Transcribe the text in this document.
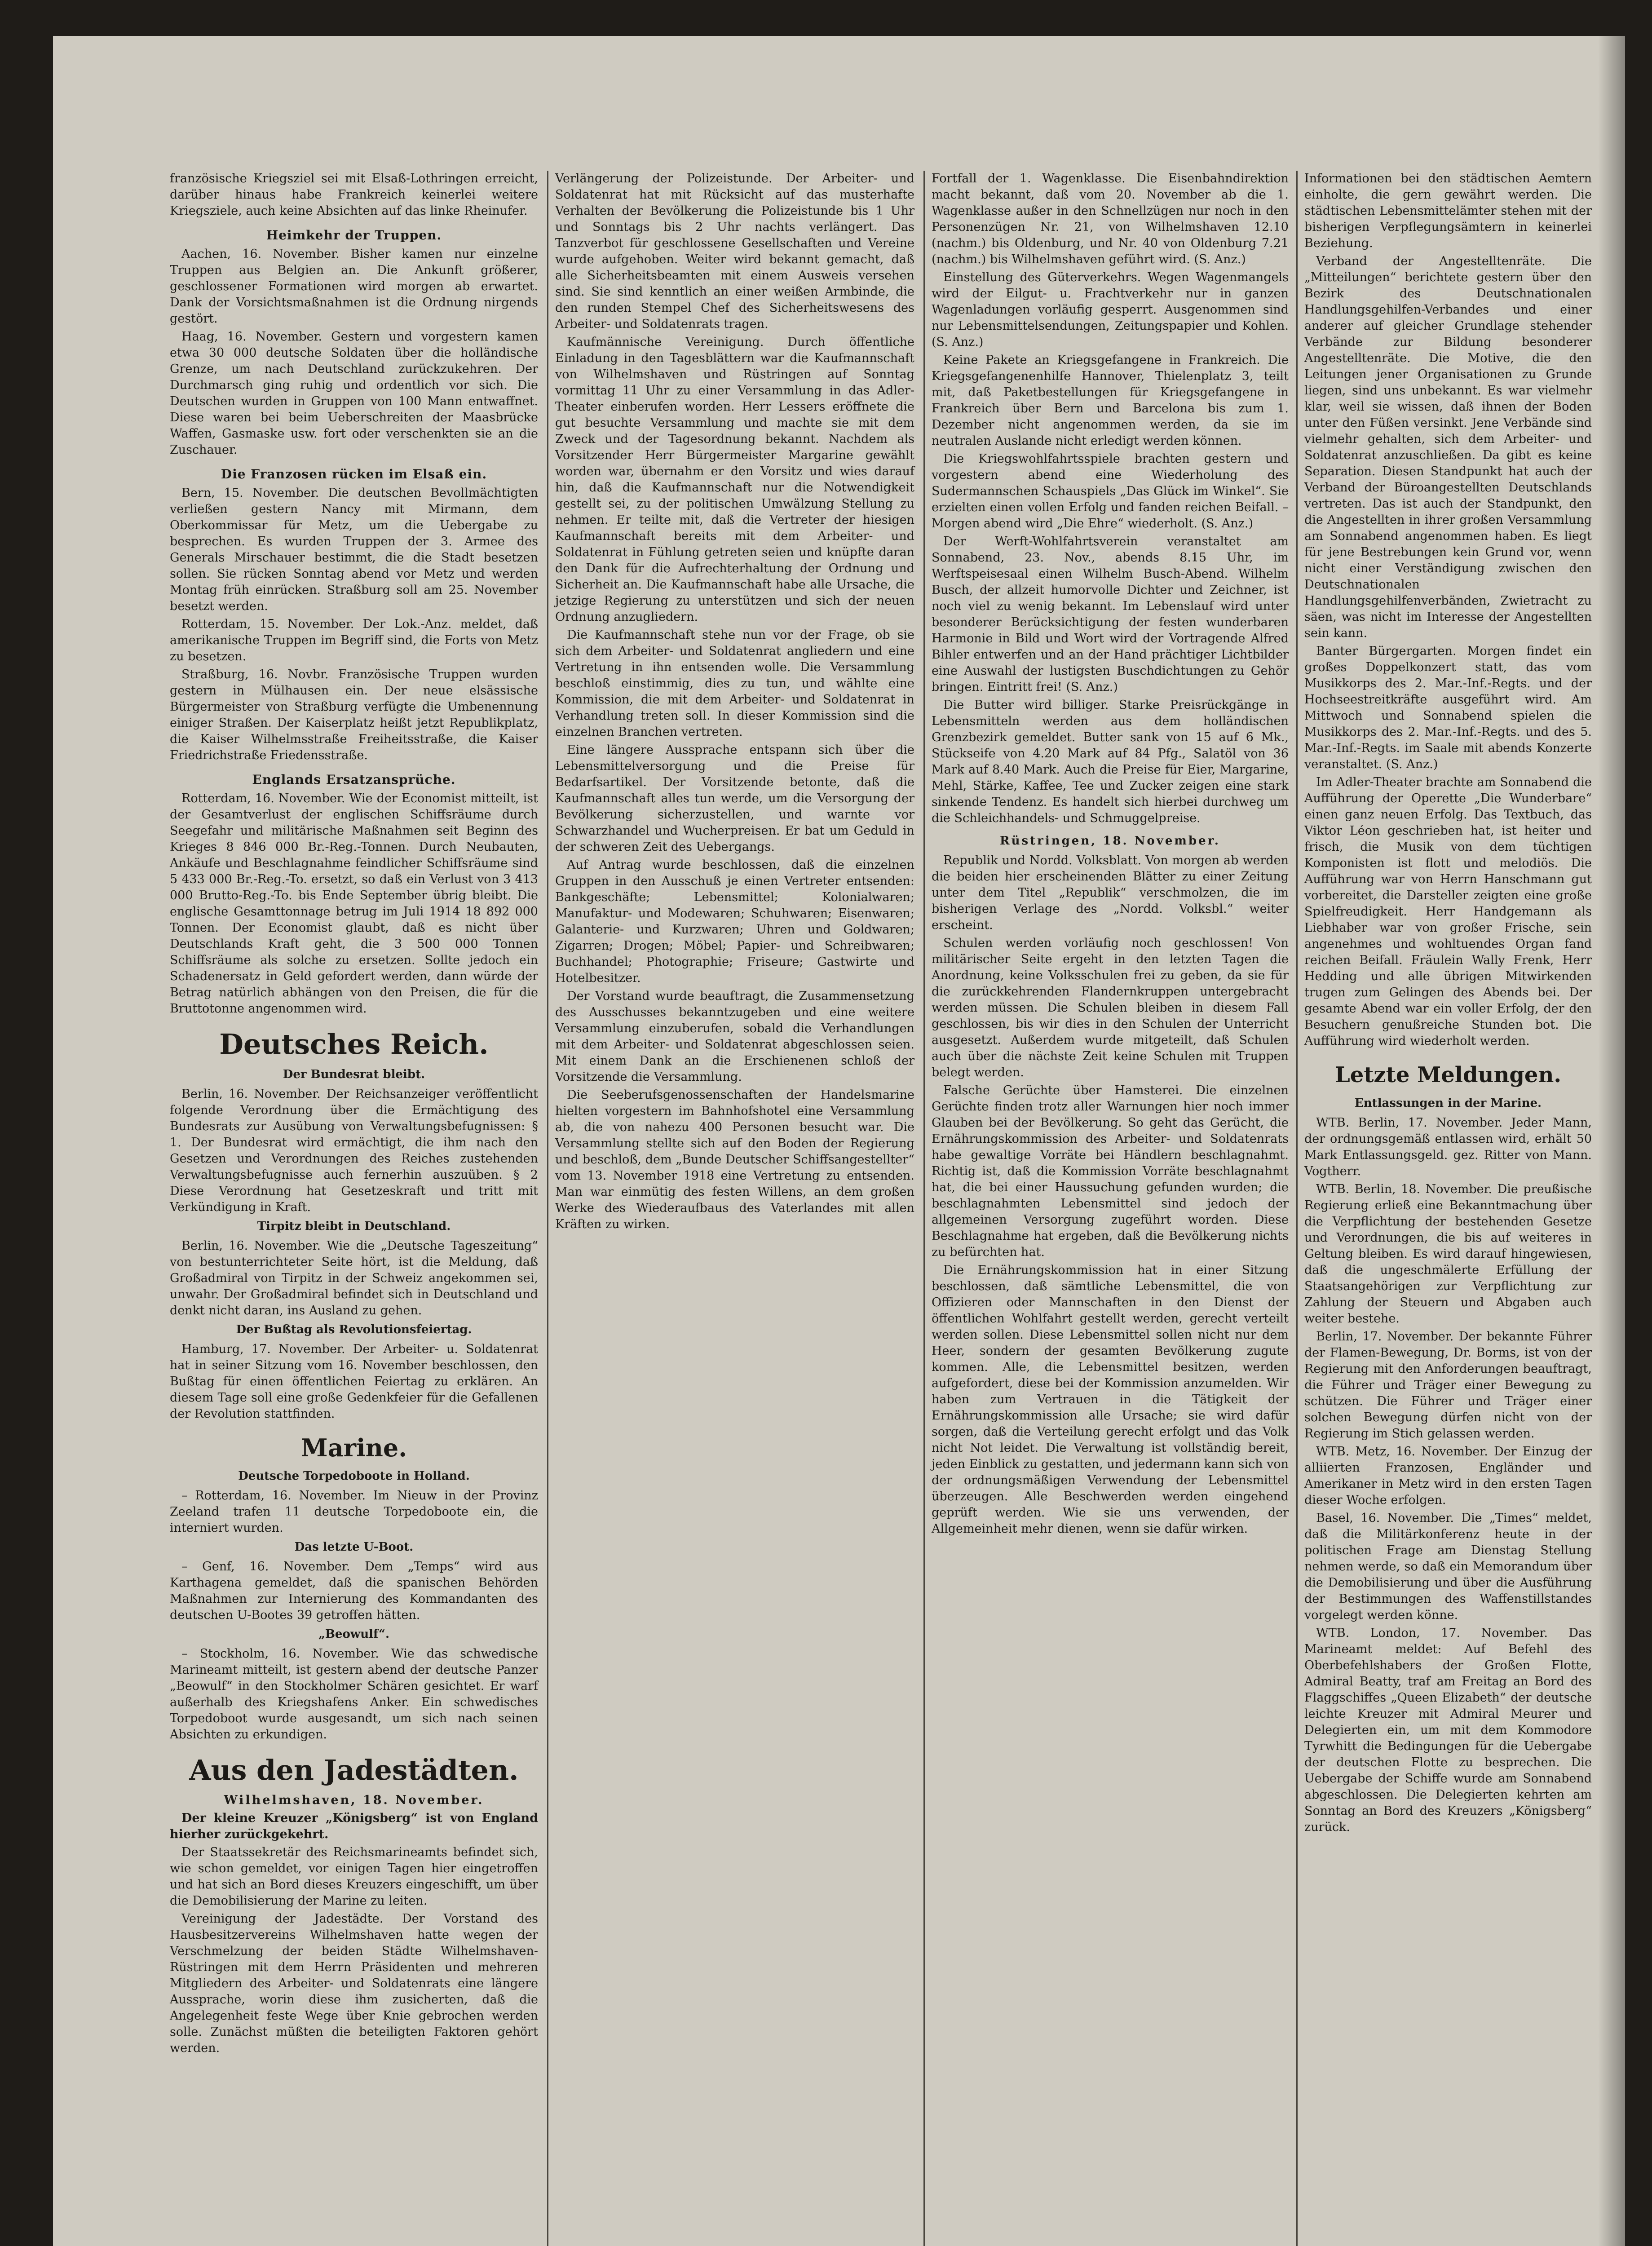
französische Kriegsziel sei mit Elsaß-Lothringen erreicht, darüber hinaus habe Frankreich keinerlei weitere Kriegsziele, auch keine Absichten auf das linke Rheinufer.

Heimkehr der Truppen.

Aachen, 16. November. Bisher kamen nur einzelne Truppen aus Belgien an. Die Ankunft größerer, geschlossener Formationen wird morgen ab erwartet. Dank der Vorsichtsmaßnahmen ist die Ordnung nirgends gestört.

Haag, 16. November. Gestern und vorgestern kamen etwa 30 000 deutsche Soldaten über die holländische Grenze, um nach Deutschland zurückzukehren. Der Durchmarsch ging ruhig und ordentlich vor sich. Die Deutschen wurden in Gruppen von 100 Mann entwaffnet. Diese waren bei beim Ueberschreiten der Maasbrücke Waffen, Gasmaske usw. fort oder verschenkten sie an die Zuschauer.

Die Franzosen rücken im Elsaß ein.

Bern, 15. November. Die deutschen Bevollmächtigten verließen gestern Nancy mit Mirmann, dem Oberkommissar für Metz, um die Uebergabe zu besprechen. Es wurden Truppen der 3. Armee des Generals Mirschauer bestimmt, die die Stadt besetzen sollen. Sie rücken Sonntag abend vor Metz und werden Montag früh einrücken. Straßburg soll am 25. November besetzt werden.

Rotterdam, 15. November. Der Lok.-Anz. meldet, daß amerikanische Truppen im Begriff sind, die Forts von Metz zu besetzen.

Straßburg, 16. Novbr. Französische Truppen wurden gestern in Mülhausen ein. Der neue elsässische Bürgermeister von Straßburg verfügte die Umbenennung einiger Straßen. Der Kaiserplatz heißt jetzt Republikplatz, die Kaiser Wilhelmsstraße Freiheitsstraße, die Kaiser Friedrichstraße Friedensstraße.

Englands Ersatzansprüche.

Rotterdam, 16. November. Wie der Economist mitteilt, ist der Gesamtverlust der englischen Schiffsräume durch Seegefahr und militärische Maßnahmen seit Beginn des Krieges 8 846 000 Br.-Reg.-Tonnen. Durch Neubauten, Ankäufe und Beschlagnahme feindlicher Schiffsräume sind 5 433 000 Br.-Reg.-To. ersetzt, so daß ein Verlust von 3 413 000 Brutto-Reg.-To. bis Ende September übrig bleibt. Die englische Gesamttonnage betrug im Juli 1914 18 892 000 Tonnen. Der Economist glaubt, daß es nicht über Deutschlands Kraft geht, die 3 500 000 Tonnen Schiffsräume als solche zu ersetzen. Sollte jedoch ein Schadenersatz in Geld gefordert werden, dann würde der Betrag natürlich abhängen von den Preisen, die für die Bruttotonne angenommen wird.

Deutsches Reich.
Der Bundesrat bleibt.

Berlin, 16. November. Der Reichsanzeiger veröffentlicht folgende Verordnung über die Ermächtigung des Bundesrats zur Ausübung von Verwaltungsbefugnissen: § 1. Der Bundesrat wird ermächtigt, die ihm nach den Gesetzen und Verordnungen des Reiches zustehenden Verwaltungsbefugnisse auch fernerhin auszuüben. § 2 Diese Verordnung hat Gesetzeskraft und tritt mit Verkündigung in Kraft.

Tirpitz bleibt in Deutschland.

Berlin, 16. November. Wie die „Deutsche Tageszeitung“ von bestunterrichteter Seite hört, ist die Meldung, daß Großadmiral von Tirpitz in der Schweiz angekommen sei, unwahr. Der Großadmiral befindet sich in Deutschland und denkt nicht daran, ins Ausland zu gehen.

Der Bußtag als Revolutionsfeiertag.

Hamburg, 17. November. Der Arbeiter- u. Soldatenrat hat in seiner Sitzung vom 16. November beschlossen, den Bußtag für einen öffentlichen Feiertag zu erklären. An diesem Tage soll eine große Gedenkfeier für die Gefallenen der Revolution stattfinden.

Marine.
Deutsche Torpedoboote in Holland.

– Rotterdam, 16. November. Im Nieuw in der Provinz Zeeland trafen 11 deutsche Torpedoboote ein, die interniert wurden.

Das letzte U-Boot.

– Genf, 16. November. Dem „Temps“ wird aus Karthagena gemeldet, daß die spanischen Behörden Maßnahmen zur Internierung des Kommandanten des deutschen U-Bootes 39 getroffen hätten.

„Beowulf“.

– Stockholm, 16. November. Wie das schwedische Marineamt mitteilt, ist gestern abend der deutsche Panzer „Beowulf“ in den Stockholmer Schären gesichtet. Er warf außerhalb des Kriegshafens Anker. Ein schwedisches Torpedoboot wurde ausgesandt, um sich nach seinen Absichten zu erkundigen.

Aus den Jadestädten.

Wilhelmshaven, 18. November.

Der kleine Kreuzer „Königsberg“ ist von England hierher zurückgekehrt.

Der Staatssekretär des Reichsmarineamts befindet sich, wie schon gemeldet, vor einigen Tagen hier eingetroffen und hat sich an Bord dieses Kreuzers eingeschifft, um über die Demobilisierung der Marine zu leiten.

Vereinigung der Jadestädte. Der Vorstand des Hausbesitzervereins Wilhelmshaven hatte wegen der Verschmelzung der beiden Städte Wilhelmshaven-Rüstringen mit dem Herrn Präsidenten und mehreren Mitgliedern des Arbeiter- und Soldatenrats eine längere Aussprache, worin diese ihm zusicherten, daß die Angelegenheit feste Wege über Knie gebrochen werden solle. Zunächst müßten die beteiligten Faktoren gehört werden.

Verlängerung der Polizeistunde. Der Arbeiter- und Soldatenrat hat mit Rücksicht auf das musterhafte Verhalten der Bevölkerung die Polizeistunde bis 1 Uhr und Sonntags bis 2 Uhr nachts verlängert. Das Tanzverbot für geschlossene Gesellschaften und Vereine wurde aufgehoben. Weiter wird bekannt gemacht, daß alle Sicherheitsbeamten mit einem Ausweis versehen sind. Sie sind kenntlich an einer weißen Armbinde, die den runden Stempel Chef des Sicherheitswesens des Arbeiter- und Soldatenrats tragen.

Kaufmännische Vereinigung. Durch öffentliche Einladung in den Tagesblättern war die Kaufmannschaft von Wilhelmshaven und Rüstringen auf Sonntag vormittag 11 Uhr zu einer Versammlung in das Adler-Theater einberufen worden. Herr Lessers eröffnete die gut besuchte Versammlung und machte sie mit dem Zweck und der Tagesordnung bekannt. Nachdem als Vorsitzender Herr Bürgermeister Margarine gewählt worden war, übernahm er den Vorsitz und wies darauf hin, daß die Kaufmannschaft nur die Notwendigkeit gestellt sei, zu der politischen Umwälzung Stellung zu nehmen. Er teilte mit, daß die Vertreter der hiesigen Kaufmannschaft bereits mit dem Arbeiter- und Soldatenrat in Fühlung getreten seien und knüpfte daran den Dank für die Aufrechterhaltung der Ordnung und Sicherheit an. Die Kaufmannschaft habe alle Ursache, die jetzige Regierung zu unterstützen und sich der neuen Ordnung anzugliedern.

Die Kaufmannschaft stehe nun vor der Frage, ob sie sich dem Arbeiter- und Soldatenrat angliedern und eine Vertretung in ihn entsenden wolle. Die Versammlung beschloß einstimmig, dies zu tun, und wählte eine Kommission, die mit dem Arbeiter- und Soldatenrat in Verhandlung treten soll. In dieser Kommission sind die einzelnen Branchen vertreten.

Eine längere Aussprache entspann sich über die Lebensmittelversorgung und die Preise für Bedarfsartikel. Der Vorsitzende betonte, daß die Kaufmannschaft alles tun werde, um die Versorgung der Bevölkerung sicherzustellen, und warnte vor Schwarzhandel und Wucherpreisen. Er bat um Geduld in der schweren Zeit des Uebergangs.

Auf Antrag wurde beschlossen, daß die einzelnen Gruppen in den Ausschuß je einen Vertreter entsenden: Bankgeschäfte; Lebensmittel; Kolonialwaren; Manufaktur- und Modewaren; Schuhwaren; Eisenwaren; Galanterie- und Kurzwaren; Uhren und Goldwaren; Zigarren; Drogen; Möbel; Papier- und Schreibwaren; Buchhandel; Photographie; Friseure; Gastwirte und Hotelbesitzer.

Der Vorstand wurde beauftragt, die Zusammensetzung des Ausschusses bekanntzugeben und eine weitere Versammlung einzuberufen, sobald die Verhandlungen mit dem Arbeiter- und Soldatenrat abgeschlossen seien. Mit einem Dank an die Erschienenen schloß der Vorsitzende die Versammlung.

Die Seeberufsgenossenschaften der Handelsmarine hielten vorgestern im Bahnhofshotel eine Versammlung ab, die von nahezu 400 Personen besucht war. Die Versammlung stellte sich auf den Boden der Regierung und beschloß, dem „Bunde Deutscher Schiffsangestellter“ vom 13. November 1918 eine Vertretung zu entsenden. Man war einmütig des festen Willens, an dem großen Werke des Wiederaufbaus des Vaterlandes mit allen Kräften zu wirken.

Fortfall der 1. Wagenklasse. Die Eisenbahndirektion macht bekannt, daß vom 20. November ab die 1. Wagenklasse außer in den Schnellzügen nur noch in den Personenzügen Nr. 21, von Wilhelmshaven 12.10 (nachm.) bis Oldenburg, und Nr. 40 von Oldenburg 7.21 (nachm.) bis Wilhelmshaven geführt wird. (S. Anz.)

Einstellung des Güterverkehrs. Wegen Wagenmangels wird der Eilgut- u. Frachtverkehr nur in ganzen Wagenladungen vorläufig gesperrt. Ausgenommen sind nur Lebensmittelsendungen, Zeitungspapier und Kohlen. (S. Anz.)

Keine Pakete an Kriegsgefangene in Frankreich. Die Kriegsgefangenenhilfe Hannover, Thielenplatz 3, teilt mit, daß Paketbestellungen für Kriegsgefangene in Frankreich über Bern und Barcelona bis zum 1. Dezember nicht angenommen werden, da sie im neutralen Auslande nicht erledigt werden können.

Die Kriegswohlfahrtsspiele brachten gestern und vorgestern abend eine Wiederholung des Sudermannschen Schauspiels „Das Glück im Winkel“. Sie erzielten einen vollen Erfolg und fanden reichen Beifall. – Morgen abend wird „Die Ehre“ wiederholt. (S. Anz.)

Der Werft-Wohlfahrtsverein veranstaltet am Sonnabend, 23. Nov., abends 8.15 Uhr, im Werftspeisesaal einen Wilhelm Busch-Abend. Wilhelm Busch, der allzeit humorvolle Dichter und Zeichner, ist noch viel zu wenig bekannt. Im Lebenslauf wird unter besonderer Berücksichtigung der festen wunderbaren Harmonie in Bild und Wort wird der Vortragende Alfred Bihler entwerfen und an der Hand prächtiger Lichtbilder eine Auswahl der lustigsten Buschdichtungen zu Gehör bringen. Eintritt frei! (S. Anz.)

Die Butter wird billiger. Starke Preisrückgänge in Lebensmitteln werden aus dem holländischen Grenzbezirk gemeldet. Butter sank von 15 auf 6 Mk., Stückseife von 4.20 Mark auf 84 Pfg., Salatöl von 36 Mark auf 8.40 Mark. Auch die Preise für Eier, Margarine, Mehl, Stärke, Kaffee, Tee und Zucker zeigen eine stark sinkende Tendenz. Es handelt sich hierbei durchweg um die Schleichhandels- und Schmuggelpreise.

Rüstringen, 18. November.

Republik und Nordd. Volksblatt. Von morgen ab werden die beiden hier erscheinenden Blätter zu einer Zeitung unter dem Titel „Republik“ verschmolzen, die im bisherigen Verlage des „Nordd. Volksbl.“ weiter erscheint.

Schulen werden vorläufig noch geschlossen! Von militärischer Seite ergeht in den letzten Tagen die Anordnung, keine Volksschulen frei zu geben, da sie für die zurückkehrenden Flandernkruppen untergebracht werden müssen. Die Schulen bleiben in diesem Fall geschlossen, bis wir dies in den Schulen der Unterricht ausgesetzt. Außerdem wurde mitgeteilt, daß Schulen auch über die nächste Zeit keine Schulen mit Truppen belegt werden.

Falsche Gerüchte über Hamsterei. Die einzelnen Gerüchte finden trotz aller Warnungen hier noch immer Glauben bei der Bevölkerung. So geht das Gerücht, die Ernährungskommission des Arbeiter- und Soldatenrats habe gewaltige Vorräte bei Händlern beschlagnahmt. Richtig ist, daß die Kommission Vorräte beschlagnahmt hat, die bei einer Haussuchung gefunden wurden; die beschlagnahmten Lebensmittel sind jedoch der allgemeinen Versorgung zugeführt worden. Diese Beschlagnahme hat ergeben, daß die Bevölkerung nichts zu befürchten hat.

Die Ernährungskommission hat in einer Sitzung beschlossen, daß sämtliche Lebensmittel, die von Offizieren oder Mannschaften in den Dienst der öffentlichen Wohlfahrt gestellt werden, gerecht verteilt werden sollen. Diese Lebensmittel sollen nicht nur dem Heer, sondern der gesamten Bevölkerung zugute kommen. Alle, die Lebensmittel besitzen, werden aufgefordert, diese bei der Kommission anzumelden. Wir haben zum Vertrauen in die Tätigkeit der Ernährungskommission alle Ursache; sie wird dafür sorgen, daß die Verteilung gerecht erfolgt und das Volk nicht Not leidet. Die Verwaltung ist vollständig bereit, jeden Einblick zu gestatten, und jedermann kann sich von der ordnungsmäßigen Verwendung der Lebensmittel überzeugen. Alle Beschwerden werden eingehend geprüft werden. Wie sie uns verwenden, der Allgemeinheit mehr dienen, wenn sie dafür wirken.

Informationen bei den städtischen Aemtern einholte, die gern gewährt werden. Die städtischen Lebensmittelämter stehen mit der bisherigen Verpflegungsämtern in keinerlei Beziehung.

Verband der Angestelltenräte. Die „Mitteilungen“ berichtete gestern über den Bezirk des Deutschnationalen Handlungsgehilfen-Verbandes und einer anderer auf gleicher Grundlage stehender Verbände zur Bildung besonderer Angestelltenräte. Die Motive, die den Leitungen jener Organisationen zu Grunde liegen, sind uns unbekannt. Es war vielmehr klar, weil sie wissen, daß ihnen der Boden unter den Füßen versinkt. Jene Verbände sind vielmehr gehalten, sich dem Arbeiter- und Soldatenrat anzuschließen. Da gibt es keine Separation. Diesen Standpunkt hat auch der Verband der Büroangestellten Deutschlands vertreten. Das ist auch der Standpunkt, den die Angestellten in ihrer großen Versammlung am Sonnabend angenommen haben. Es liegt für jene Bestrebungen kein Grund vor, wenn nicht einer Verständigung zwischen den Deutschnationalen Handlungsgehilfenverbänden, Zwietracht zu säen, was nicht im Interesse der Angestellten sein kann.

Banter Bürgergarten. Morgen findet ein großes Doppelkonzert statt, das vom Musikkorps des 2. Mar.-Inf.-Regts. und der Hochseestreitkräfte ausgeführt wird. Am Mittwoch und Sonnabend spielen die Musikkorps des 2. Mar.-Inf.-Regts. und des 5. Mar.-Inf.-Regts. im Saale mit abends Konzerte veranstaltet. (S. Anz.)

Im Adler-Theater brachte am Sonnabend die Aufführung der Operette „Die Wunderbare“ einen ganz neuen Erfolg. Das Textbuch, das Viktor Léon geschrieben hat, ist heiter und frisch, die Musik von dem tüchtigen Komponisten ist flott und melodiös. Die Aufführung war von Herrn Hanschmann gut vorbereitet, die Darsteller zeigten eine große Spielfreudigkeit. Herr Handgemann als Liebhaber war von großer Frische, sein angenehmes und wohltuendes Organ fand reichen Beifall. Fräulein Wally Frenk, Herr Hedding und alle übrigen Mitwirkenden trugen zum Gelingen des Abends bei. Der gesamte Abend war ein voller Erfolg, der den Besuchern genußreiche Stunden bot. Die Aufführung wird wiederholt werden.

Letzte Meldungen.
Entlassungen in der Marine.

WTB. Berlin, 17. November. Jeder Mann, der ordnungsgemäß entlassen wird, erhält 50 Mark Entlassungsgeld. gez. Ritter von Mann. Vogtherr.

WTB. Berlin, 18. November. Die preußische Regierung erließ eine Bekanntmachung über die Verpflichtung der bestehenden Gesetze und Verordnungen, die bis auf weiteres in Geltung bleiben. Es wird darauf hingewiesen, daß die ungeschmälerte Erfüllung der Staatsangehörigen zur Verpflichtung zur Zahlung der Steuern und Abgaben auch weiter bestehe.

Berlin, 17. November. Der bekannte Führer der Flamen-Bewegung, Dr. Borms, ist von der Regierung mit den Anforderungen beauftragt, die Führer und Träger einer Bewegung zu schützen. Die Führer und Träger einer solchen Bewegung dürfen nicht von der Regierung im Stich gelassen werden.

WTB. Metz, 16. November. Der Einzug der alliierten Franzosen, Engländer und Amerikaner in Metz wird in den ersten Tagen dieser Woche erfolgen.

Basel, 16. November. Die „Times“ meldet, daß die Militärkonferenz heute in der politischen Frage am Dienstag Stellung nehmen werde, so daß ein Memorandum über die Demobilisierung und über die Ausführung der Bestimmungen des Waffenstillstandes vorgelegt werden könne.

WTB. London, 17. November. Das Marineamt meldet: Auf Befehl des Oberbefehlshabers der Großen Flotte, Admiral Beatty, traf am Freitag an Bord des Flaggschiffes „Queen Elizabeth“ der deutsche leichte Kreuzer mit Admiral Meurer und Delegierten ein, um mit dem Kommodore Tyrwhitt die Bedingungen für die Uebergabe der deutschen Flotte zu besprechen. Die Uebergabe der Schiffe wurde am Sonnabend abgeschlossen. Die Delegierten kehrten am Sonntag an Bord des Kreuzers „Königsberg“ zurück.
